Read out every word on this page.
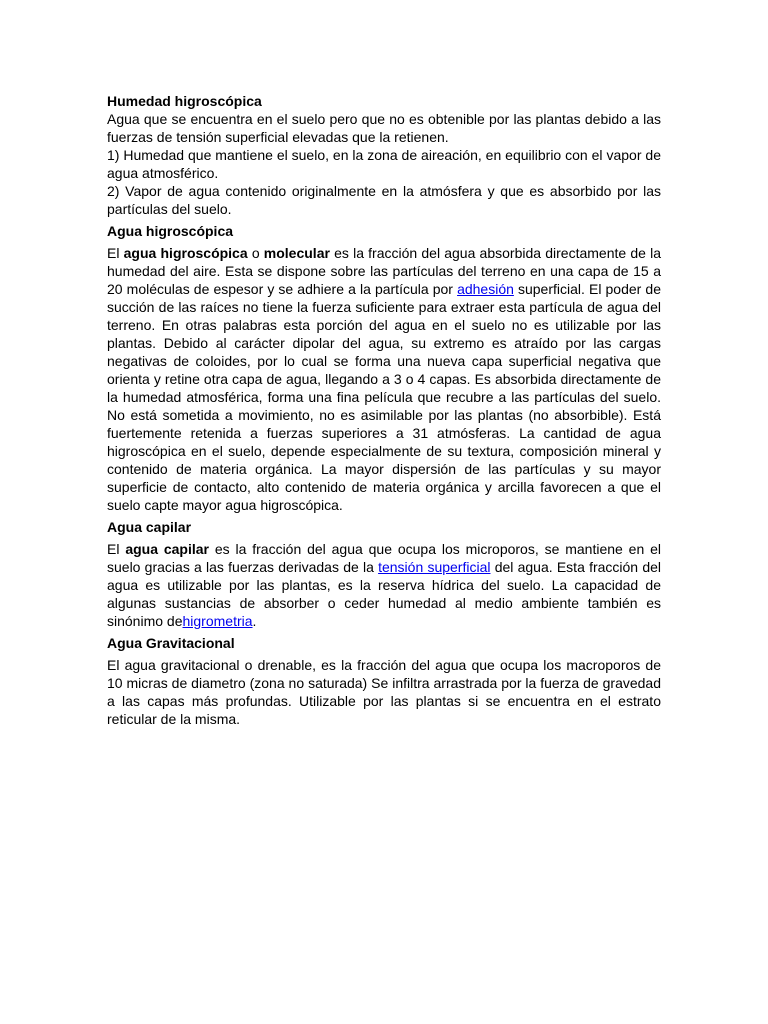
Humedad higroscópica

Agua que se encuentra en el suelo pero que no es obtenible por las plantas debido a las fuerzas de tensión superficial elevadas que la retienen.

1) Humedad que mantiene el suelo, en la zona de aireación, en equilibrio con el vapor de agua atmosférico.

2) Vapor de agua contenido originalmente en la atmósfera y que es absorbido por las partículas del suelo.

Agua higroscópica

El agua higroscópica o molecular es la fracción del agua absorbida directamente de la humedad del aire. Esta se dispone sobre las partículas del terreno en una capa de 15 a 20 moléculas de espesor y se adhiere a la partícula por adhesión superficial. El poder de succión de las raíces no tiene la fuerza suficiente para extraer esta partícula de agua del terreno. En otras palabras esta porción del agua en el suelo no es utilizable por las plantas. Debido al carácter dipolar del agua, su extremo es atraído por las cargas negativas de coloides, por lo cual se forma una nueva capa superficial negativa que orienta y retine otra capa de agua, llegando a 3 o 4 capas. Es absorbida directamente de la humedad atmosférica, forma una fina película que recubre a las partículas del suelo. No está sometida a movimiento, no es asimilable por las plantas (no absorbible). Está fuertemente retenida a fuerzas superiores a 31 atmósferas. La cantidad de agua higroscópica en el suelo, depende especialmente de su textura, composición mineral y contenido de materia orgánica. La mayor dispersión de las partículas y su mayor superficie de contacto, alto contenido de materia orgánica y arcilla favorecen a que el suelo capte mayor agua higroscópica.

Agua capilar

El agua capilar es la fracción del agua que ocupa los microporos, se mantiene en el suelo gracias a las fuerzas derivadas de la tensión superficial del agua. Esta fracción del agua es utilizable por las plantas, es la reserva hídrica del suelo. La capacidad de algunas sustancias de absorber o ceder humedad al medio ambiente también es sinónimo dehigrometria.

Agua Gravitacional

El agua gravitacional o drenable, es la fracción del agua que ocupa los macroporos de 10 micras de diametro (zona no saturada) Se infiltra arrastrada por la fuerza de gravedad a las capas más profundas. Utilizable por las plantas si se encuentra en el estrato reticular de la misma.
